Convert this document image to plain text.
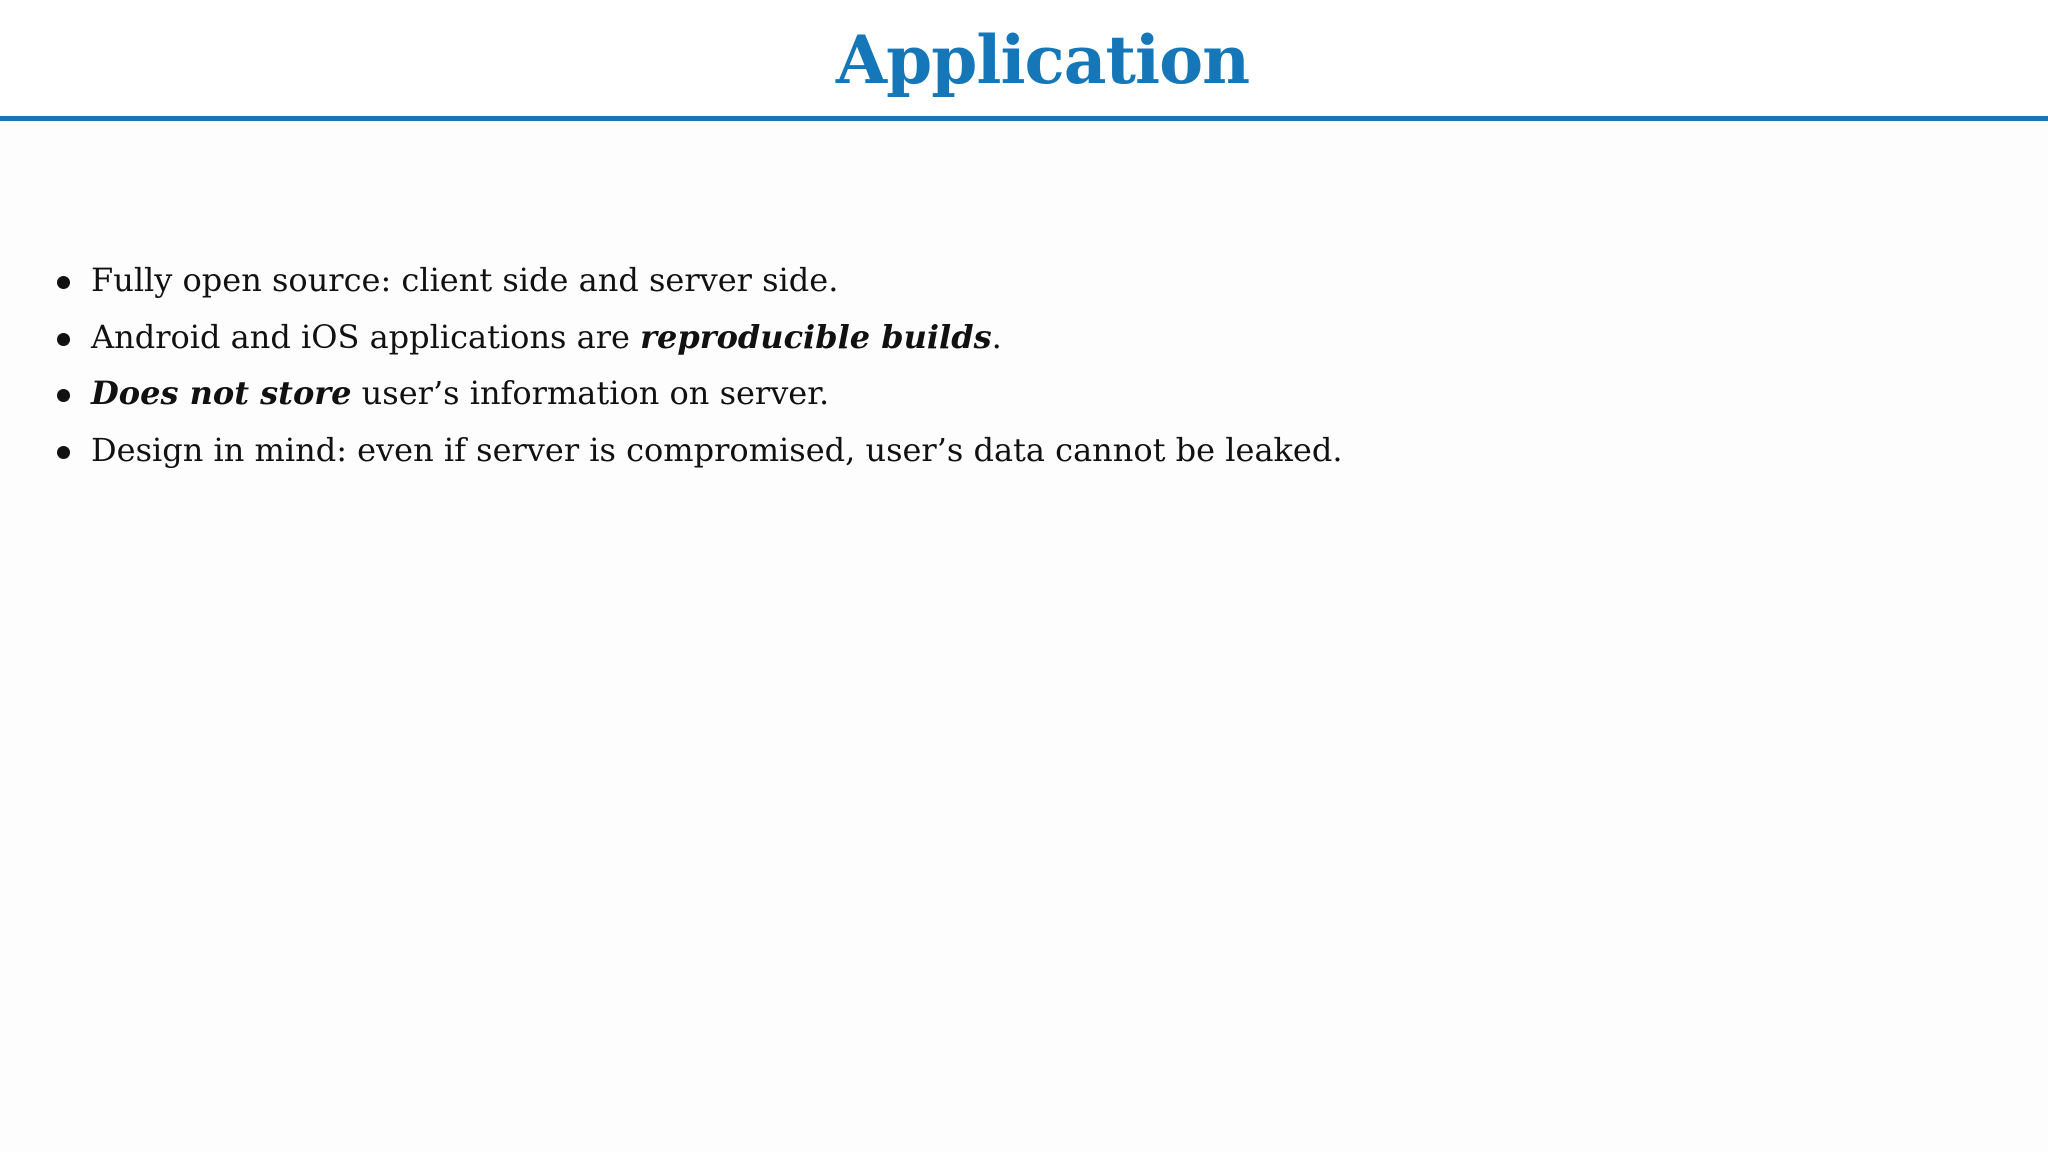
Application
Fully open source: client side and server side.
Android and iOS applications are reproducible builds.
Does not store user’s information on server.
Design in mind: even if server is compromised, user’s data cannot be leaked.
